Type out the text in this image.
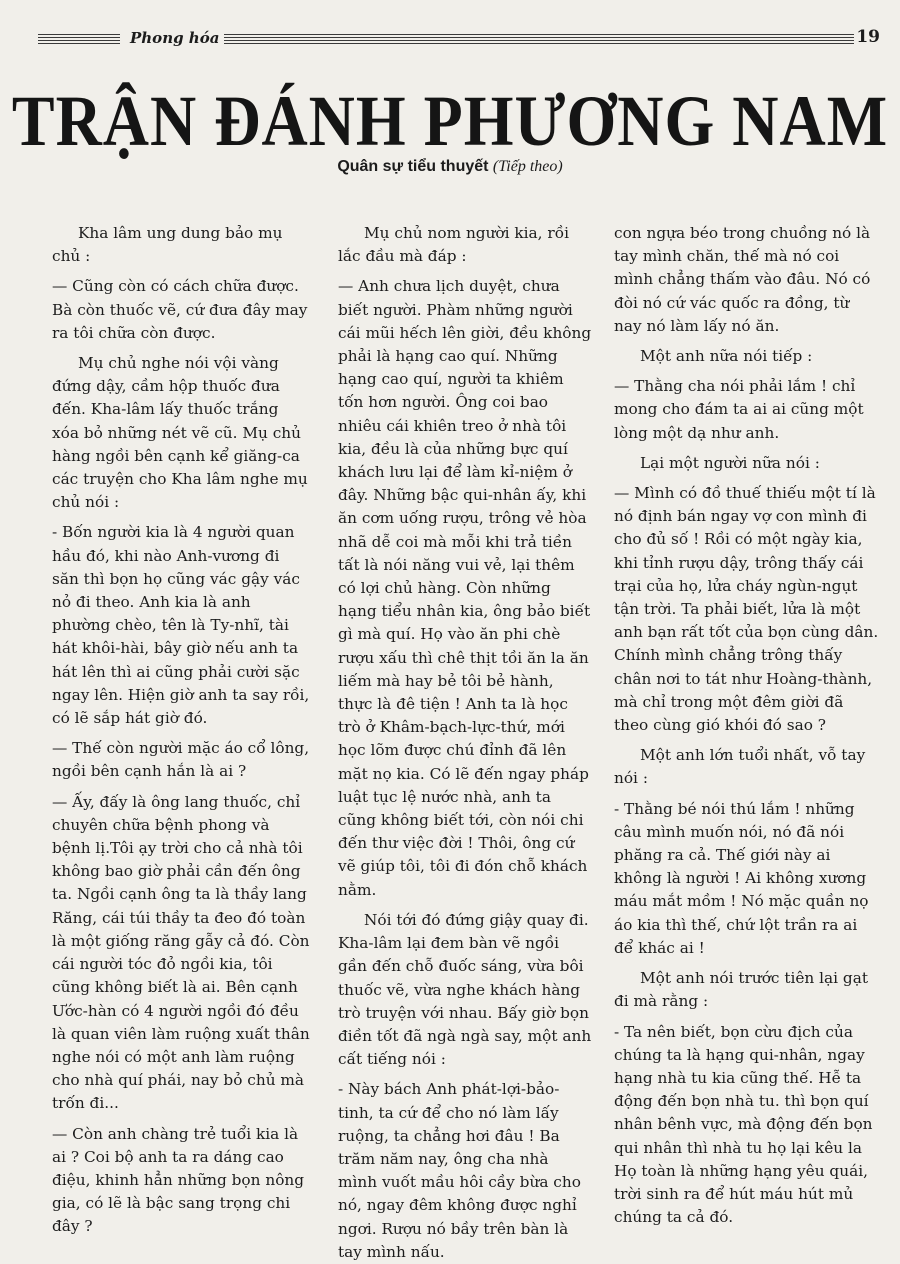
Phong hóa	19
TRẬN ĐÁNH PHƯƠNG NAM
Quân sự tiểu thuyết (Tiếp theo)

Kha lâm ung dung bảo mụ chủ :

— Cũng còn có cách chữa được. Bà còn thuốc vẽ, cứ đưa đây may ra tôi chữa còn được.

Mụ chủ nghe nói vội vàng đứng dậy, cầm hộp thuốc đưa đến. Kha-lâm lấy thuốc trắng xóa bỏ những nét vẽ cũ. Mụ chủ hàng ngồi bên cạnh kể giăng-ca các truyện cho Kha lâm nghe mụ chủ nói :

- Bốn người kia là 4 người quan hầu đó, khi nào Anh-vương đi săn thì bọn họ cũng vác gậy vác nỏ đi theo. Anh kia là anh phường chèo, tên là Ty-nhĩ, tài hát khôi-hài, bây giờ nếu anh ta hát lên thì ai cũng phải cười sặc ngay lên. Hiện giờ anh ta say rồi, có lẽ sắp hát giờ đó.

— Thế còn người mặc áo cổ lông, ngồi bên cạnh hắn là ai ?

— Ấy, đấy là ông lang thuốc, chỉ chuyên chữa bệnh phong và bệnh lị.Tôi ạy trời cho cả nhà tôi không bao giờ phải cần đến ông ta. Ngồi cạnh ông ta là thầy lang Răng, cái túi thầy ta đeo đó toàn là một giống răng gẫy cả đó. Còn cái người tóc đỏ ngồi kia, tôi cũng không biết là ai. Bên cạnh Ước-hàn có 4 người ngồi đó đều là quan viên làm ruộng xuất thân nghe nói có một anh làm ruộng cho nhà quí phái, nay bỏ chủ mà trốn đi...

— Còn anh chàng trẻ tuổi kia là ai ? Coi bộ anh ta ra dáng cao điệu, khinh hẳn những bọn nông gia, có lẽ là bậc sang trọng chi đây ?

Mụ chủ nom người kia, rồi lắc đầu mà đáp :

— Anh chưa lịch duyệt, chưa biết người. Phàm những người cái mũi hếch lên giời, đều không phải là hạng cao quí. Những hạng cao quí, người ta khiêm tốn hơn người. Ông coi bao nhiêu cái khiên treo ở nhà tôi kia, đều là của những bực quí khách lưu lại để làm kỉ-niệm ở đây. Những bậc qui-nhân ấy, khi ăn cơm uống rượu, trông vẻ hòa nhã dễ coi mà mỗi khi trả tiền tất là nói năng vui vẻ, lại thêm có lợi chủ hàng. Còn những hạng tiểu nhân kia, ông bảo biết gì mà quí. Họ vào ăn phi chè rượu xấu thì chê thịt tồi ăn la ăn liếm mà hay bẻ tôi bẻ hành, thực là đê tiện ! Anh ta là học trò ở Khâm-bạch-lực-thứ, mới học lõm được chú đỉnh đã lên mặt nọ kia. Có lẽ đến ngay pháp luật tục lệ nước nhà, anh ta cũng không biết tới, còn nói chi đến thư việc đời ! Thôi, ông cứ vẽ giúp tôi, tôi đi đón chỗ khách nằm.

Nói tới đó đứng giậy quay đi. Kha-lâm lại đem bàn vẽ ngồi gần đến chỗ đuốc sáng, vừa bôi thuốc vẽ, vừa nghe khách hàng trò truyện với nhau. Bấy giờ bọn điền tốt đã ngà ngà say, một anh cất tiếng nói :

- Này bách Anh phát-lợi-bảo-tinh, ta cứ để cho nó làm lấy ruộng, ta chẳng hơi đâu ! Ba trăm năm nay, ông cha nhà mình vuốt mầu hôi cầy bừa cho nó, ngay đêm không được nghỉ ngơi. Rượu nó bầy trên bàn là tay mình nấu.

con ngựa béo trong chuồng nó là tay mình chăn, thế mà nó coi mình chẳng thấm vào đâu. Nó có đòi nó cứ vác quốc ra đồng, từ nay nó làm lấy nó ăn.

Một anh nữa nói tiếp :

— Thằng cha nói phải lắm ! chỉ mong cho đám ta ai ai cũng một lòng một dạ như anh.

Lại một người nữa nói :

— Mình có đồ thuế thiếu một tí là nó định bán ngay vợ con mình đi cho đủ số ! Rồi có một ngày kia, khi tỉnh rượu dậy, trông thấy cái trại của họ, lửa cháy ngùn-ngụt tận trời. Ta phải biết, lửa là một anh bạn rất tốt của bọn cùng dân. Chính mình chẳng trông thấy chân nơi to tát như Hoàng-thành, mà chỉ trong một đêm giời đã theo cùng gió khói đó sao ?

Một anh lớn tuổi nhất, vỗ tay nói :

- Thằng bé nói thú lắm ! những câu mình muốn nói, nó đã nói phăng ra cả. Thế giới này ai không là người ! Ai không xương máu mắt mồm ! Nó mặc quần nọ áo kia thì thế, chứ lột trần ra ai để khác ai !

Một anh nói trước tiên lại gạt đi mà rằng :

- Ta nên biết, bọn cừu địch của chúng ta là hạng qui-nhân, ngay hạng nhà tu kia cũng thế. Hễ ta động đến bọn nhà tu. thì bọn quí nhân bênh vực, mà động đến bọn qui nhân thì nhà tu họ lại kêu la Họ toàn là những hạng yêu quái, trời sinh ra để hút máu hút mủ chúng ta cả đó.
